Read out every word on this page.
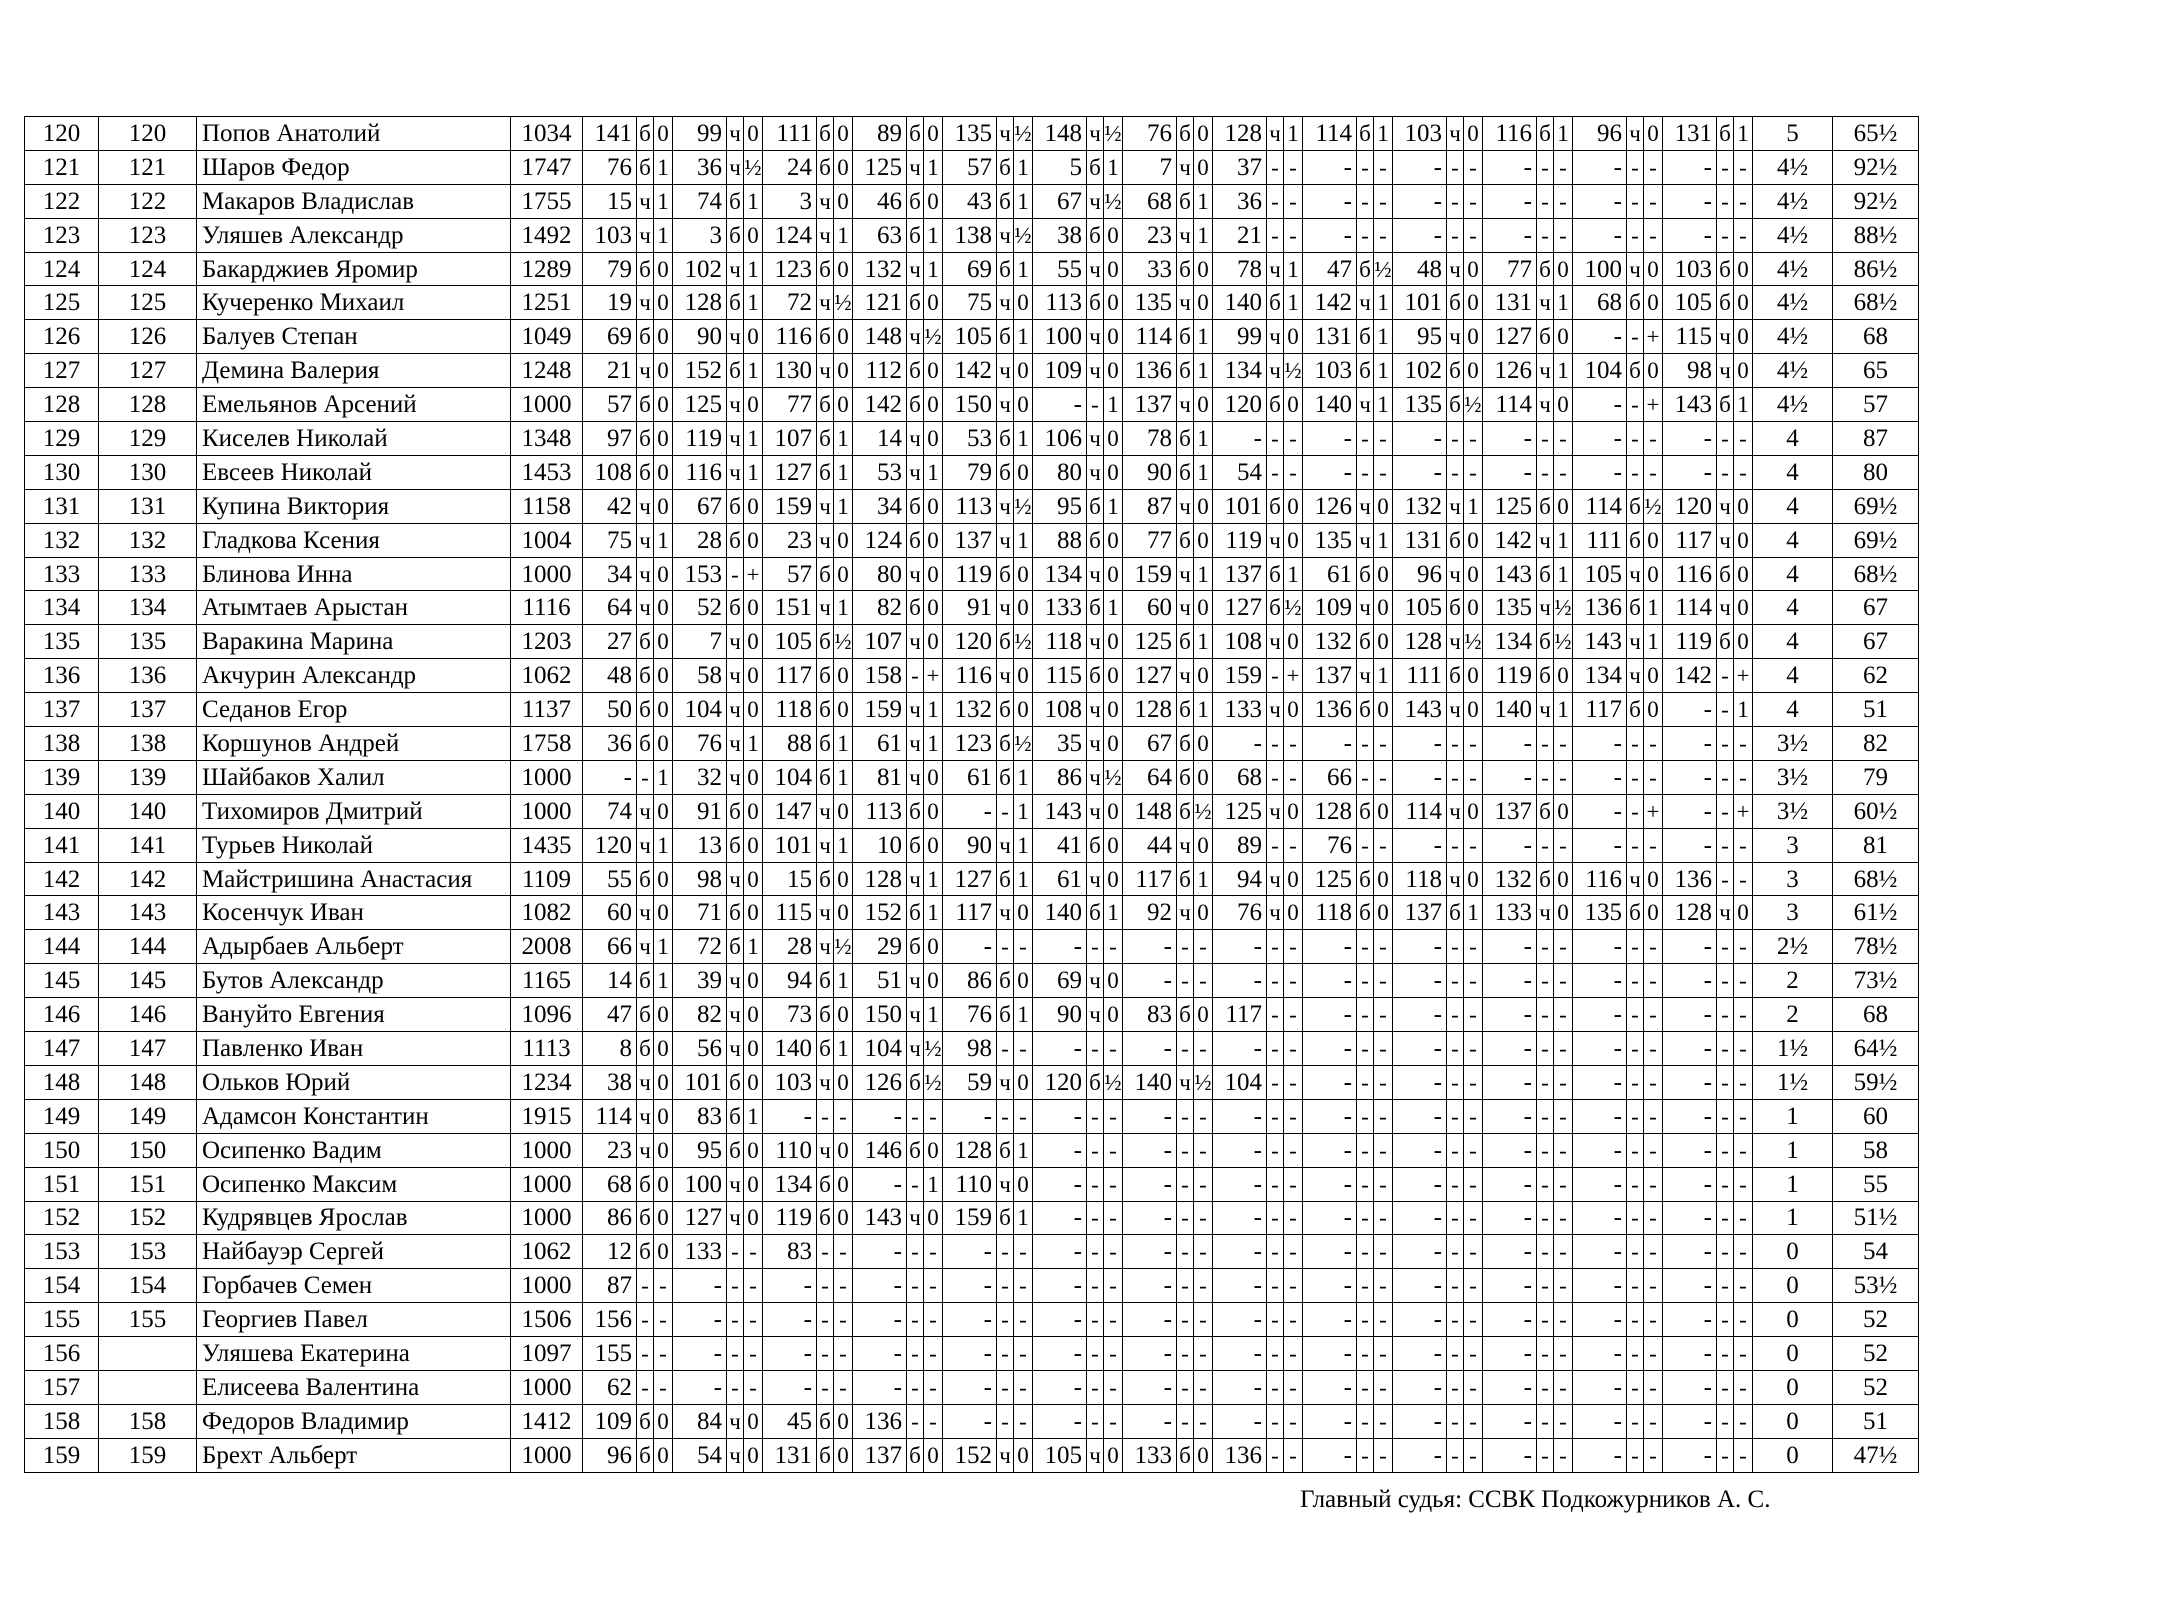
120	120	Попов Анатолий	1034	141	б	0	99	ч	0	111	б	0	89	б	0	135	ч	½	148	ч	½	76	б	0	128	ч	1	114	б	1	103	ч	0	116	б	1	96	ч	0	131	б	1	5	65½
121	121	Шаров Федор	1747	76	б	1	36	ч	½	24	б	0	125	ч	1	57	б	1	5	б	1	7	ч	0	37	-	-	-	-	-	-	-	-	-	-	-	-	-	-	-	-	-	4½	92½
122	122	Макаров Владислав	1755	15	ч	1	74	б	1	3	ч	0	46	б	0	43	б	1	67	ч	½	68	б	1	36	-	-	-	-	-	-	-	-	-	-	-	-	-	-	-	-	-	4½	92½
123	123	Уляшев Александр	1492	103	ч	1	3	б	0	124	ч	1	63	б	1	138	ч	½	38	б	0	23	ч	1	21	-	-	-	-	-	-	-	-	-	-	-	-	-	-	-	-	-	4½	88½
124	124	Бакарджиев Яромир	1289	79	б	0	102	ч	1	123	б	0	132	ч	1	69	б	1	55	ч	0	33	б	0	78	ч	1	47	б	½	48	ч	0	77	б	0	100	ч	0	103	б	0	4½	86½
125	125	Кучеренко Михаил	1251	19	ч	0	128	б	1	72	ч	½	121	б	0	75	ч	0	113	б	0	135	ч	0	140	б	1	142	ч	1	101	б	0	131	ч	1	68	б	0	105	б	0	4½	68½
126	126	Балуев Степан	1049	69	б	0	90	ч	0	116	б	0	148	ч	½	105	б	1	100	ч	0	114	б	1	99	ч	0	131	б	1	95	ч	0	127	б	0	-	-	+	115	ч	0	4½	68
127	127	Демина Валерия	1248	21	ч	0	152	б	1	130	ч	0	112	б	0	142	ч	0	109	ч	0	136	б	1	134	ч	½	103	б	1	102	б	0	126	ч	1	104	б	0	98	ч	0	4½	65
128	128	Емельянов Арсений	1000	57	б	0	125	ч	0	77	б	0	142	б	0	150	ч	0	-	-	1	137	ч	0	120	б	0	140	ч	1	135	б	½	114	ч	0	-	-	+	143	б	1	4½	57
129	129	Киселев Николай	1348	97	б	0	119	ч	1	107	б	1	14	ч	0	53	б	1	106	ч	0	78	б	1	-	-	-	-	-	-	-	-	-	-	-	-	-	-	-	-	-	-	4	87
130	130	Евсеев Николай	1453	108	б	0	116	ч	1	127	б	1	53	ч	1	79	б	0	80	ч	0	90	б	1	54	-	-	-	-	-	-	-	-	-	-	-	-	-	-	-	-	-	4	80
131	131	Купина Виктория	1158	42	ч	0	67	б	0	159	ч	1	34	б	0	113	ч	½	95	б	1	87	ч	0	101	б	0	126	ч	0	132	ч	1	125	б	0	114	б	½	120	ч	0	4	69½
132	132	Гладкова Ксения	1004	75	ч	1	28	б	0	23	ч	0	124	б	0	137	ч	1	88	б	0	77	б	0	119	ч	0	135	ч	1	131	б	0	142	ч	1	111	б	0	117	ч	0	4	69½
133	133	Блинова Инна	1000	34	ч	0	153	-	+	57	б	0	80	ч	0	119	б	0	134	ч	0	159	ч	1	137	б	1	61	б	0	96	ч	0	143	б	1	105	ч	0	116	б	0	4	68½
134	134	Атымтаев Арыстан	1116	64	ч	0	52	б	0	151	ч	1	82	б	0	91	ч	0	133	б	1	60	ч	0	127	б	½	109	ч	0	105	б	0	135	ч	½	136	б	1	114	ч	0	4	67
135	135	Варакина Марина	1203	27	б	0	7	ч	0	105	б	½	107	ч	0	120	б	½	118	ч	0	125	б	1	108	ч	0	132	б	0	128	ч	½	134	б	½	143	ч	1	119	б	0	4	67
136	136	Акчурин Александр	1062	48	б	0	58	ч	0	117	б	0	158	-	+	116	ч	0	115	б	0	127	ч	0	159	-	+	137	ч	1	111	б	0	119	б	0	134	ч	0	142	-	+	4	62
137	137	Седанов Егор	1137	50	б	0	104	ч	0	118	б	0	159	ч	1	132	б	0	108	ч	0	128	б	1	133	ч	0	136	б	0	143	ч	0	140	ч	1	117	б	0	-	-	1	4	51
138	138	Коршунов Андрей	1758	36	б	0	76	ч	1	88	б	1	61	ч	1	123	б	½	35	ч	0	67	б	0	-	-	-	-	-	-	-	-	-	-	-	-	-	-	-	-	-	-	3½	82
139	139	Шайбаков Халил	1000	-	-	1	32	ч	0	104	б	1	81	ч	0	61	б	1	86	ч	½	64	б	0	68	-	-	66	-	-	-	-	-	-	-	-	-	-	-	-	-	-	3½	79
140	140	Тихомиров Дмитрий	1000	74	ч	0	91	б	0	147	ч	0	113	б	0	-	-	1	143	ч	0	148	б	½	125	ч	0	128	б	0	114	ч	0	137	б	0	-	-	+	-	-	+	3½	60½
141	141	Турьев Николай	1435	120	ч	1	13	б	0	101	ч	1	10	б	0	90	ч	1	41	б	0	44	ч	0	89	-	-	76	-	-	-	-	-	-	-	-	-	-	-	-	-	-	3	81
142	142	Майстришина Анастасия	1109	55	б	0	98	ч	0	15	б	0	128	ч	1	127	б	1	61	ч	0	117	б	1	94	ч	0	125	б	0	118	ч	0	132	б	0	116	ч	0	136	-	-	3	68½
143	143	Косенчук Иван	1082	60	ч	0	71	б	0	115	ч	0	152	б	1	117	ч	0	140	б	1	92	ч	0	76	ч	0	118	б	0	137	б	1	133	ч	0	135	б	0	128	ч	0	3	61½
144	144	Адырбаев Альберт	2008	66	ч	1	72	б	1	28	ч	½	29	б	0	-	-	-	-	-	-	-	-	-	-	-	-	-	-	-	-	-	-	-	-	-	-	-	-	-	-	-	2½	78½
145	145	Бутов Александр	1165	14	б	1	39	ч	0	94	б	1	51	ч	0	86	б	0	69	ч	0	-	-	-	-	-	-	-	-	-	-	-	-	-	-	-	-	-	-	-	-	-	2	73½
146	146	Вануйто Евгения	1096	47	б	0	82	ч	0	73	б	0	150	ч	1	76	б	1	90	ч	0	83	б	0	117	-	-	-	-	-	-	-	-	-	-	-	-	-	-	-	-	-	2	68
147	147	Павленко Иван	1113	8	б	0	56	ч	0	140	б	1	104	ч	½	98	-	-	-	-	-	-	-	-	-	-	-	-	-	-	-	-	-	-	-	-	-	-	-	-	-	-	1½	64½
148	148	Ольков Юрий	1234	38	ч	0	101	б	0	103	ч	0	126	б	½	59	ч	0	120	б	½	140	ч	½	104	-	-	-	-	-	-	-	-	-	-	-	-	-	-	-	-	-	1½	59½
149	149	Адамсон Константин	1915	114	ч	0	83	б	1	-	-	-	-	-	-	-	-	-	-	-	-	-	-	-	-	-	-	-	-	-	-	-	-	-	-	-	-	-	-	-	-	-	1	60
150	150	Осипенко Вадим	1000	23	ч	0	95	б	0	110	ч	0	146	б	0	128	б	1	-	-	-	-	-	-	-	-	-	-	-	-	-	-	-	-	-	-	-	-	-	-	-	-	1	58
151	151	Осипенко Максим	1000	68	б	0	100	ч	0	134	б	0	-	-	1	110	ч	0	-	-	-	-	-	-	-	-	-	-	-	-	-	-	-	-	-	-	-	-	-	-	-	-	1	55
152	152	Кудрявцев Ярослав	1000	86	б	0	127	ч	0	119	б	0	143	ч	0	159	б	1	-	-	-	-	-	-	-	-	-	-	-	-	-	-	-	-	-	-	-	-	-	-	-	-	1	51½
153	153	Найбауэр Сергей	1062	12	б	0	133	-	-	83	-	-	-	-	-	-	-	-	-	-	-	-	-	-	-	-	-	-	-	-	-	-	-	-	-	-	-	-	-	-	-	-	0	54
154	154	Горбачев Семен	1000	87	-	-	-	-	-	-	-	-	-	-	-	-	-	-	-	-	-	-	-	-	-	-	-	-	-	-	-	-	-	-	-	-	-	-	-	-	-	-	0	53½
155	155	Георгиев Павел	1506	156	-	-	-	-	-	-	-	-	-	-	-	-	-	-	-	-	-	-	-	-	-	-	-	-	-	-	-	-	-	-	-	-	-	-	-	-	-	-	0	52
156		Уляшева Екатерина	1097	155	-	-	-	-	-	-	-	-	-	-	-	-	-	-	-	-	-	-	-	-	-	-	-	-	-	-	-	-	-	-	-	-	-	-	-	-	-	-	0	52
157		Елисеева Валентина	1000	62	-	-	-	-	-	-	-	-	-	-	-	-	-	-	-	-	-	-	-	-	-	-	-	-	-	-	-	-	-	-	-	-	-	-	-	-	-	-	0	52
158	158	Федоров Владимир	1412	109	б	0	84	ч	0	45	б	0	136	-	-	-	-	-	-	-	-	-	-	-	-	-	-	-	-	-	-	-	-	-	-	-	-	-	-	-	-	-	0	51
159	159	Брехт Альберт	1000	96	б	0	54	ч	0	131	б	0	137	б	0	152	ч	0	105	ч	0	133	б	0	136	-	-	-	-	-	-	-	-	-	-	-	-	-	-	-	-	-	0	47½
Главный судья: ССВК Подкожурников А. С.
